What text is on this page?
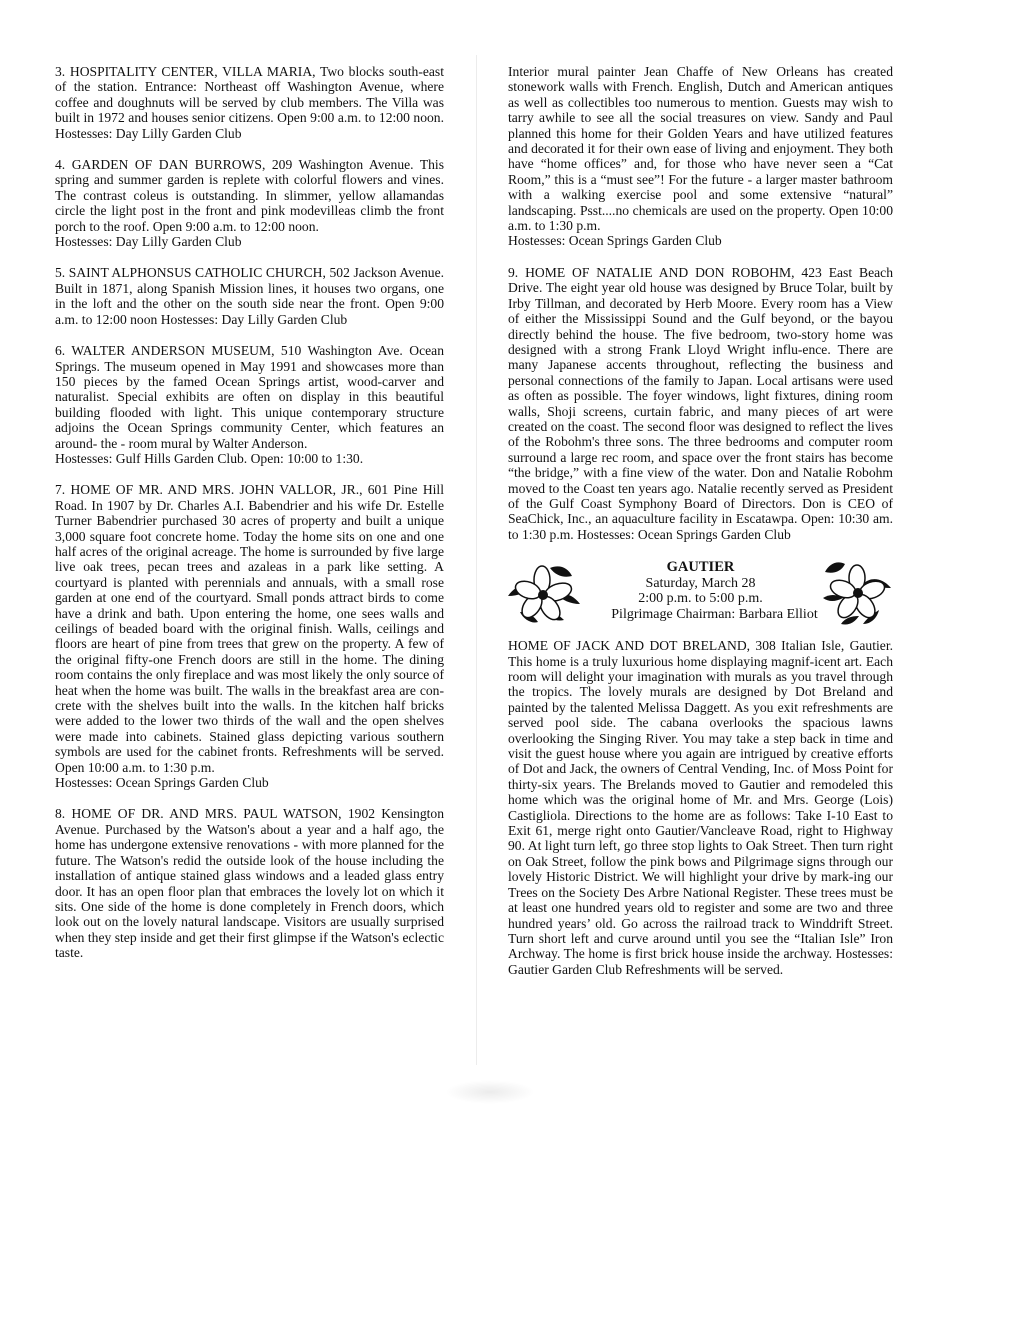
3. HOSPITALITY CENTER, VILLA MARIA, Two blocks south-east of the station. Entrance: Northeast off Washington Avenue, where coffee and doughnuts will be served by club members. The Villa was built in 1972 and houses senior citizens. Open 9:00 a.m. to 12:00 noon. Hostesses: Day Lilly Garden Club

4. GARDEN OF DAN BURROWS, 209 Washington Avenue. This spring and summer garden is replete with colorful flowers and vines. The contrast coleus is outstanding. In slimmer, yellow allamandas circle the light post in the front and pink modevilleas climb the front porch to the roof. Open 9:00 a.m. to 12:00 noon.

Hostesses: Day Lilly Garden Club

5. SAINT ALPHONSUS CATHOLIC CHURCH, 502 Jackson Avenue. Built in 1871, along Spanish Mission lines, it houses two organs, one in the loft and the other on the south side near the front. Open 9:00 a.m. to 12:00 noon Hostesses: Day Lilly Garden Club

6. WALTER ANDERSON MUSEUM, 510 Washington Ave. Ocean Springs. The museum opened in May 1991 and showcases more than 150 pieces by the famed Ocean Springs artist, wood-carver and naturalist. Special exhibits are often on display in this beautiful building flooded with light. This unique contemporary structure adjoins the Ocean Springs community Center, which features an around- the - room mural by Walter Anderson.

Hostesses: Gulf Hills Garden Club. Open: 10:00 to 1:30.

7. HOME OF MR. AND MRS. JOHN VALLOR, JR., 601 Pine Hill Road. In 1907 by Dr. Charles A.I. Babendrier and his wife Dr. Estelle Turner Babendrier purchased 30 acres of property and built a unique 3,000 square foot concrete home. Today the home sits on one and one half acres of the original acreage. The home is surrounded by five large live oak trees, pecan trees and azaleas in a park like setting. A courtyard is planted with perennials and annuals, with a small rose garden at one end of the courtyard. Small ponds attract birds to come have a drink and bath. Upon entering the home, one sees walls and ceilings of beaded board with the original finish. Walls, ceilings and floors are heart of pine from trees that grew on the property. A few of the original fifty-one French doors are still in the home. The dining room contains the only fireplace and was most likely the only source of heat when the home was built. The walls in the breakfast area are con-crete with the shelves built into the walls. In the kitchen half bricks were added to the lower two thirds of the wall and the open shelves were made into cabinets. Stained glass depicting various southern symbols are used for the cabinet fronts. Refreshments will be served. Open 10:00 a.m. to 1:30 p.m.

Hostesses: Ocean Springs Garden Club

8. HOME OF DR. AND MRS. PAUL WATSON, 1902 Kensington Avenue. Purchased by the Watson's about a year and a half ago, the home has undergone extensive renovations - with more planned for the future. The Watson's redid the outside look of the house including the installation of antique stained glass windows and a leaded glass entry door. It has an open floor plan that embraces the lovely lot on which it sits. One side of the home is done completely in French doors, which look out on the lovely natural landscape. Visitors are usually surprised when they step inside and get their first glimpse if the Watson's eclectic taste.

Interior mural painter Jean Chaffe of New Orleans has created stonework walls with French. English, Dutch and American antiques as well as collectibles too numerous to mention. Guests may wish to tarry awhile to see all the social treasures on view. Sandy and Paul planned this home for their Golden Years and have utilized features and decorated it for their own ease of living and enjoyment. They both have “home offices” and, for those who have never seen a “Cat Room,” this is a “must see”! For the future - a larger master bathroom with a walking exercise pool and some extensive “natural” landscaping. Psst....no chemicals are used on the property. Open 10:00 a.m. to 1:30 p.m.

Hostesses: Ocean Springs Garden Club

9. HOME OF NATALIE AND DON ROBOHM, 423 East Beach Drive. The eight year old house was designed by Bruce Tolar, built by Irby Tillman, and decorated by Herb Moore. Every room has a View of either the Mississippi Sound and the Gulf beyond, or the bayou directly behind the house. The five bedroom, two-story home was designed with a strong Frank Lloyd Wright influ-ence. There are many Japanese accents throughout, reflecting the business and personal connections of the family to Japan. Local artisans were used as often as possible. The foyer windows, light fixtures, dining room walls, Shoji screens, curtain fabric, and many pieces of art were created on the coast. The second floor was designed to reflect the lives of the Robohm's three sons. The three bedrooms and computer room surround a large rec room, and space over the front stairs has become “the bridge,” with a fine view of the water. Don and Natalie Robohm moved to the Coast ten years ago. Natalie recently served as President of the Gulf Coast Symphony Board of Directors. Don is CEO of SeaChick, Inc., an aquaculture facility in Escatawpa. Open: 10:30 am. to 1:30 p.m. Hostesses: Ocean Springs Garden Club

GAUTIER
Saturday, March 28
2:00 p.m. to 5:00 p.m.
Pilgrimage Chairman: Barbara Elliot

HOME OF JACK AND DOT BRELAND, 308 Italian Isle, Gautier. This home is a truly luxurious home displaying magnif-icent art. Each room will delight your imagination with murals as you travel through the tropics. The lovely murals are designed by Dot Breland and painted by the talented Melissa Daggett. As you exit refreshments are served pool side. The cabana overlooks the spacious lawns overlooking the Singing River. You may take a step back in time and visit the guest house where you again are intrigued by creative efforts of Dot and Jack, the owners of Central Vending, Inc. of Moss Point for thirty-six years. The Brelands moved to Gautier and remodeled this home which was the original home of Mr. and Mrs. George (Lois) Castigliola. Directions to the home are as follows: Take I-10 East to Exit 61, merge right onto Gautier/Vancleave Road, right to Highway 90. At light turn left, go three stop lights to Oak Street. Then turn right on Oak Street, follow the pink bows and Pilgrimage signs through our lovely Historic District. We will highlight your drive by mark-ing our Trees on the Society Des Arbre National Register. These trees must be at least one hundred years old to register and some are two and three hundred years’ old. Go across the railroad track to Winddrift Street. Turn short left and curve around until you see the “Italian Isle” Iron Archway. The home is first brick house inside the archway. Hostesses: Gautier Garden Club Refreshments will be served.
